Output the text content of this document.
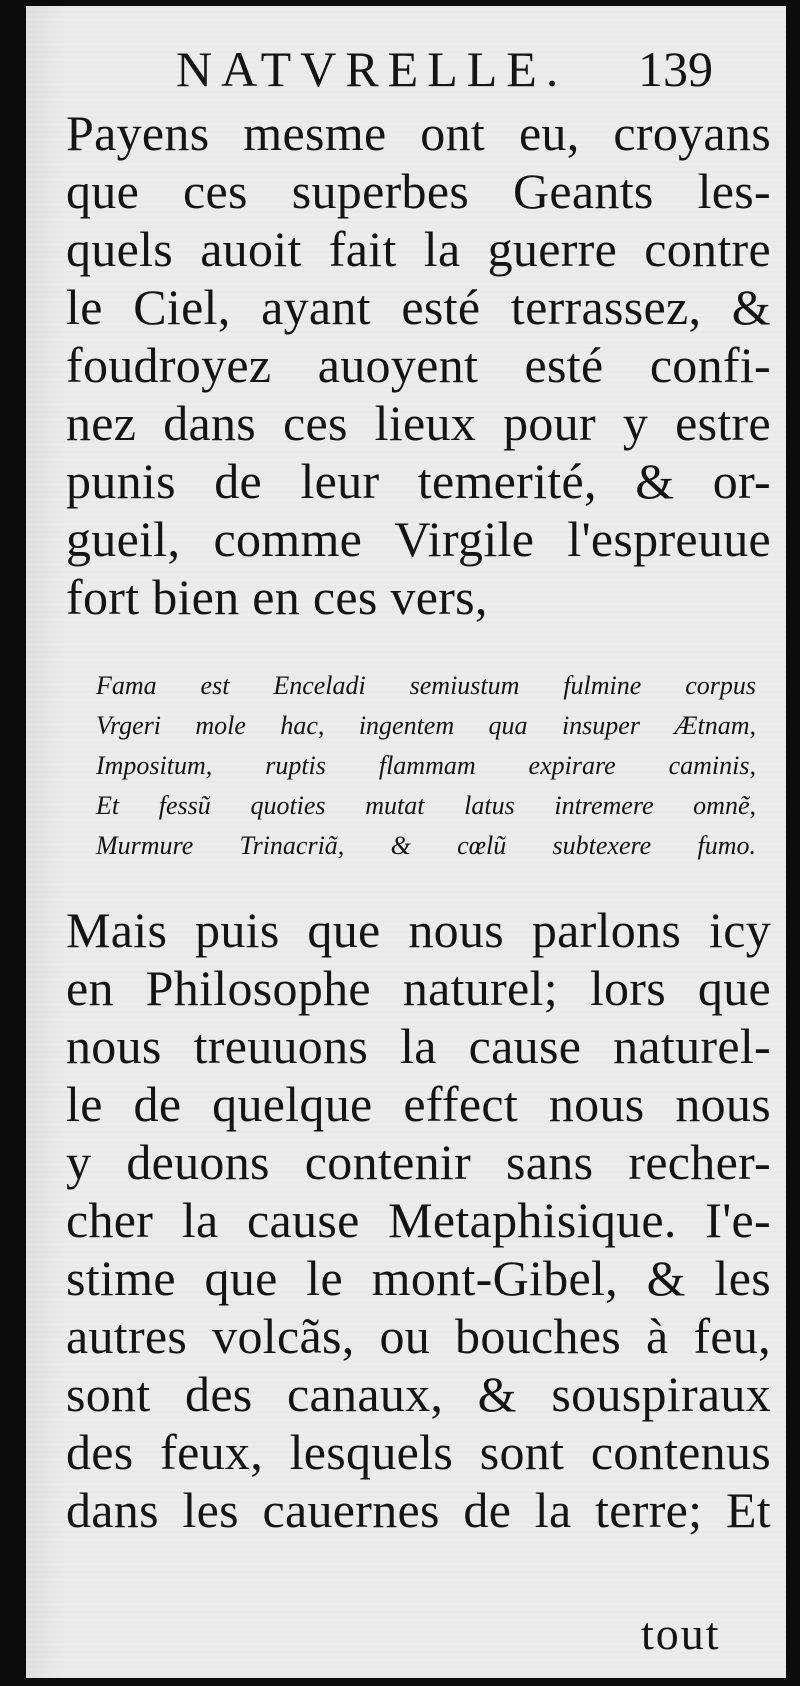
NATVRELLE. 139
Payens mesme ont eu, croyans
que ces superbes Geants les-
quels auoit fait la guerre contre
le Ciel, ayant esté terrassez, &
foudroyez auoyent esté confi-
nez dans ces lieux pour y estre
punis de leur temerité, & or-
gueil, comme Virgile l'espreuue
fort bien en ces vers,
Fama est Enceladi semiustum fulmine corpus
Vrgeri mole hac, ingentem qua insuper Ætnam,
Impositum, ruptis flammam expirare caminis,
Et fessũ quoties mutat latus intremere omnẽ,
Murmure Trinacriã, & cœlũ subtexere fumo.
Mais puis que nous parlons icy
en Philosophe naturel; lors que
nous treuuons la cause naturel-
le de quelque effect nous nous
y deuons contenir sans recher-
cher la cause Metaphisique. I'e-
stime que le mont-Gibel, & les
autres volcãs, ou bouches à feu,
sont des canaux, & souspiraux
des feux, lesquels sont contenus
dans les cauernes de la terre; Et
tout
